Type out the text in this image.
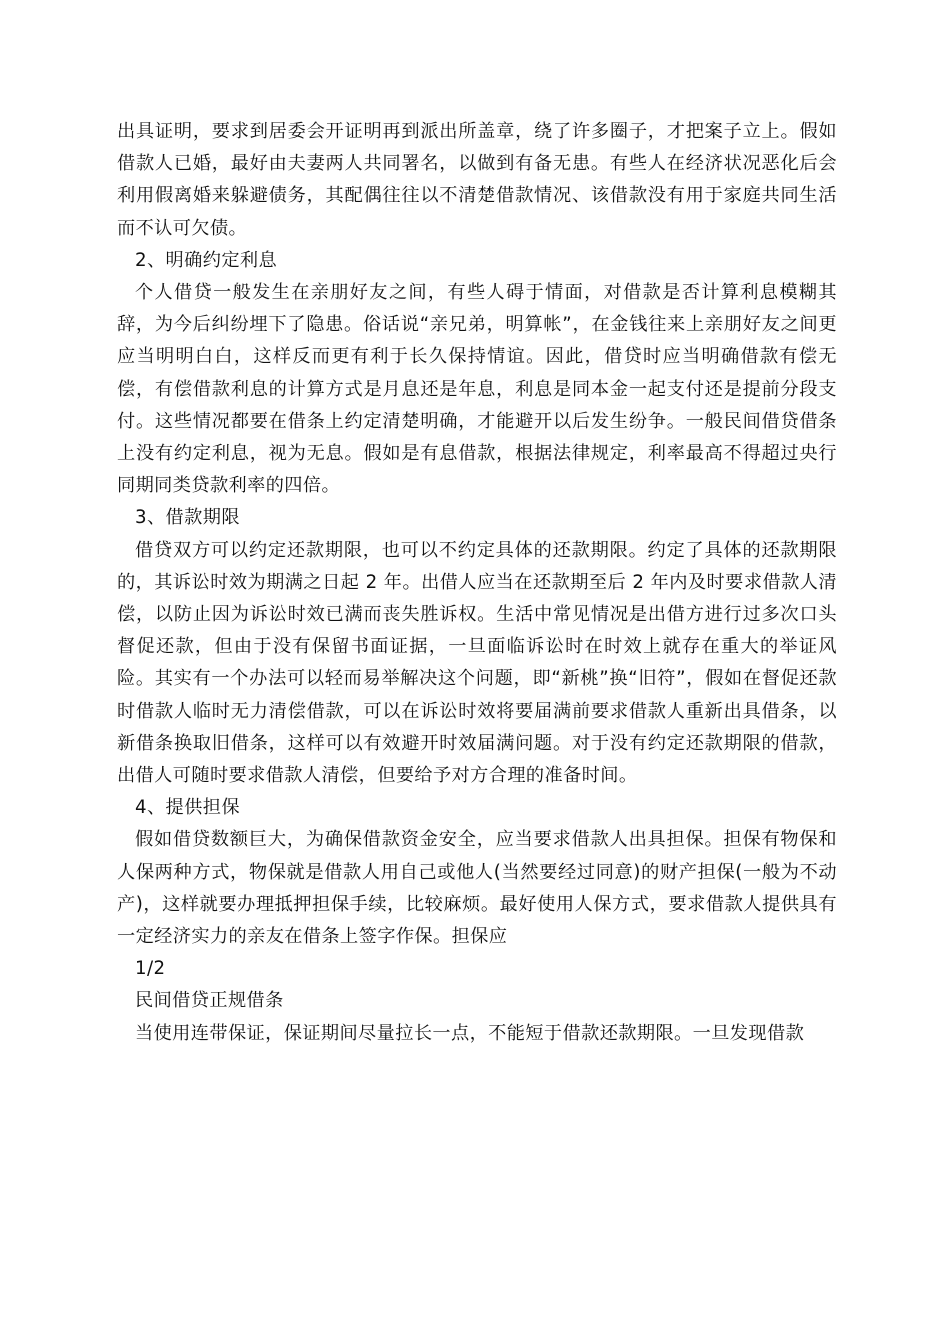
出具证明，要求到居委会开证明再到派出所盖章，绕了许多圈子，才把案子立上。假如借款人已婚，最好由夫妻两人共同署名，以做到有备无患。有些人在经济状况恶化后会利用假离婚来躲避债务，其配偶往往以不清楚借款情况、该借款没有用于家庭共同生活而不认可欠债。

2、明确约定利息

个人借贷一般发生在亲朋好友之间，有些人碍于情面，对借款是否计算利息模糊其辞，为今后纠纷埋下了隐患。俗话说“亲兄弟，明算帐”，在金钱往来上亲朋好友之间更应当明明白白，这样反而更有利于长久保持情谊。因此，借贷时应当明确借款有偿无偿，有偿借款利息的计算方式是月息还是年息，利息是同本金一起支付还是提前分段支付。这些情况都要在借条上约定清楚明确，才能避开以后发生纷争。一般民间借贷借条上没有约定利息，视为无息。假如是有息借款，根据法律规定，利率最高不得超过央行同期同类贷款利率的四倍。

3、借款期限

借贷双方可以约定还款期限，也可以不约定具体的还款期限。约定了具体的还款期限的，其诉讼时效为期满之日起 2 年。出借人应当在还款期至后 2 年内及时要求借款人清偿，以防止因为诉讼时效已满而丧失胜诉权。生活中常见情况是出借方进行过多次口头督促还款，但由于没有保留书面证据，一旦面临诉讼时在时效上就存在重大的举证风险。其实有一个办法可以轻而易举解决这个问题，即“新桃”换“旧符”，假如在督促还款时借款人临时无力清偿借款，可以在诉讼时效将要届满前要求借款人重新出具借条，以新借条换取旧借条，这样可以有效避开时效届满问题。对于没有约定还款期限的借款，出借人可随时要求借款人清偿，但要给予对方合理的准备时间。

4、提供担保

假如借贷数额巨大，为确保借款资金安全，应当要求借款人出具担保。担保有物保和人保两种方式，物保就是借款人用自己或他人(当然要经过同意)的财产担保(一般为不动产)，这样就要办理抵押担保手续，比较麻烦。最好使用人保方式，要求借款人提供具有一定经济实力的亲友在借条上签字作保。担保应

1/2

民间借贷正规借条

当使用连带保证，保证期间尽量拉长一点，不能短于借款还款期限。一旦发现借款
